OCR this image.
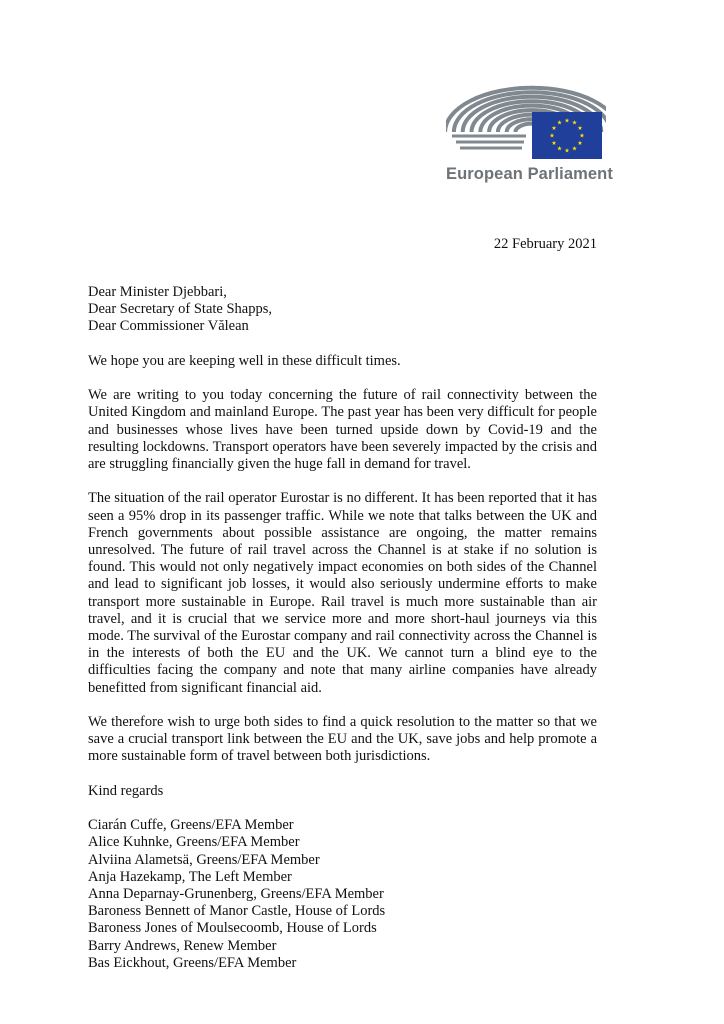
European Parliament
22 February 2021
Dear Minister Djebbari,
Dear Secretary of State Shapps,
Dear Commissioner Vălean

We hope you are keeping well in these difficult times.

We are writing to you today concerning the future of rail connectivity between the United Kingdom and mainland Europe. The past year has been very difficult for people and businesses whose lives have been turned upside down by Covid-19 and the resulting lockdowns. Transport operators have been severely impacted by the crisis and are struggling financially given the huge fall in demand for travel.

The situation of the rail operator Eurostar is no different. It has been reported that it has seen a 95% drop in its passenger traffic. While we note that talks between the UK and French governments about possible assistance are ongoing, the matter remains unresolved. The future of rail travel across the Channel is at stake if no solution is found. This would not only negatively impact economies on both sides of the Channel and lead to significant job losses, it would also seriously undermine efforts to make transport more sustainable in Europe. Rail travel is much more sustainable than air travel, and it is crucial that we service more and more short-haul journeys via this mode. The survival of the Eurostar company and rail connectivity across the Channel is in the interests of both the EU and the UK. We cannot turn a blind eye to the difficulties facing the company and note that many airline companies have already benefitted from significant financial aid.

We therefore wish to urge both sides to find a quick resolution to the matter so that we save a crucial transport link between the EU and the UK, save jobs and help promote a more sustainable form of travel between both jurisdictions.

Kind regards
Ciarán Cuffe, Greens/EFA Member
Alice Kuhnke, Greens/EFA Member
Alviina Alametsä, Greens/EFA Member
Anja Hazekamp, The Left Member
Anna Deparnay-Grunenberg, Greens/EFA Member
Baroness Bennett of Manor Castle, House of Lords
Baroness Jones of Moulsecoomb, House of Lords
Barry Andrews, Renew Member
Bas Eickhout, Greens/EFA Member
